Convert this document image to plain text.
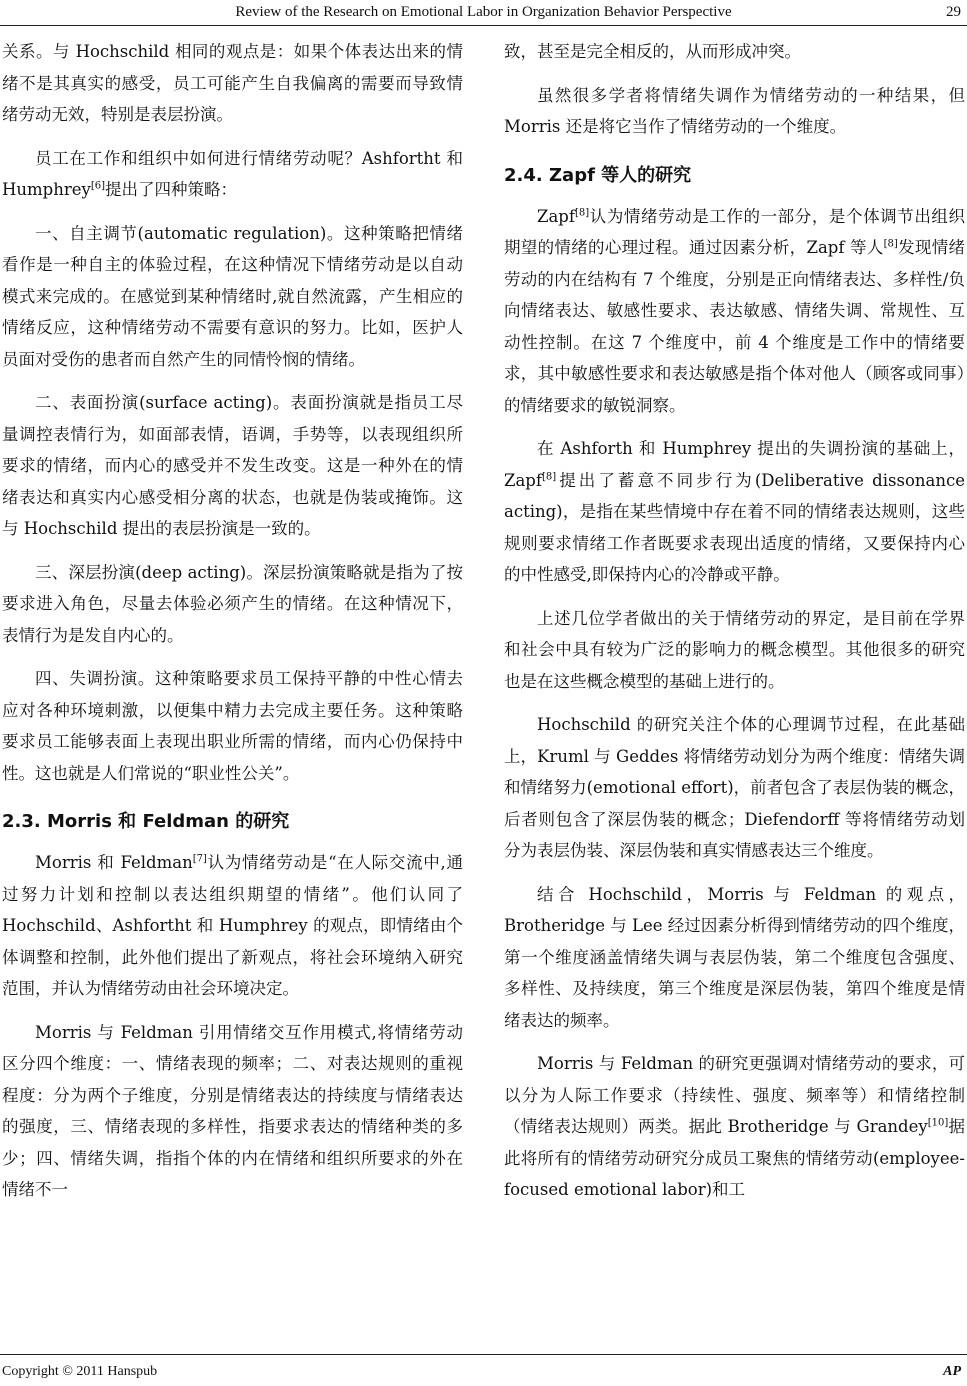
Review of the Research on Emotional Labor in Organization Behavior Perspective	29

关系。与 Hochschild 相同的观点是：如果个体表达出来的情绪不是其真实的感受，员工可能产生自我偏离的需要而导致情绪劳动无效，特别是表层扮演。

员工在工作和组织中如何进行情绪劳动呢？Ashfortht 和 Humphrey[6]提出了四种策略：

一、自主调节(automatic regulation)。这种策略把情绪看作是一种自主的体验过程，在这种情况下情绪劳动是以自动模式来完成的。在感觉到某种情绪时,就自然流露，产生相应的情绪反应，这种情绪劳动不需要有意识的努力。比如，医护人员面对受伤的患者而自然产生的同情怜悯的情绪。

二、表面扮演(surface acting)。表面扮演就是指员工尽量调控表情行为，如面部表情，语调，手势等，以表现组织所要求的情绪，而内心的感受并不发生改变。这是一种外在的情绪表达和真实内心感受相分离的状态，也就是伪装或掩饰。这与 Hochschild 提出的表层扮演是一致的。

三、深层扮演(deep acting)。深层扮演策略就是指为了按要求进入角色，尽量去体验必须产生的情绪。在这种情况下，表情行为是发自内心的。

四、失调扮演。这种策略要求员工保持平静的中性心情去应对各种环境刺激，以便集中精力去完成主要任务。这种策略要求员工能够表面上表现出职业所需的情绪，而内心仍保持中性。这也就是人们常说的“职业性公关”。

2.3. Morris 和 Feldman 的研究

Morris 和 Feldman[7]认为情绪劳动是“在人际交流中,通过努力计划和控制以表达组织期望的情绪”。他们认同了 Hochschild、Ashfortht 和 Humphrey 的观点，即情绪由个体调整和控制，此外他们提出了新观点，将社会环境纳入研究范围，并认为情绪劳动由社会环境决定。

Morris 与 Feldman 引用情绪交互作用模式,将情绪劳动区分四个维度：一、情绪表现的频率；二、对表达规则的重视程度：分为两个子维度，分别是情绪表达的持续度与情绪表达的强度，三、情绪表现的多样性，指要求表达的情绪种类的多少；四、情绪失调，指指个体的内在情绪和组织所要求的外在情绪不一

致，甚至是完全相反的，从而形成冲突。

虽然很多学者将情绪失调作为情绪劳动的一种结果，但 Morris 还是将它当作了情绪劳动的一个维度。

2.4. Zapf 等人的研究

Zapf[8]认为情绪劳动是工作的一部分，是个体调节出组织期望的情绪的心理过程。通过因素分析，Zapf 等人[8]发现情绪劳动的内在结构有 7 个维度，分别是正向情绪表达、多样性/负向情绪表达、敏感性要求、表达敏感、情绪失调、常规性、互动性控制。在这 7 个维度中，前 4 个维度是工作中的情绪要求，其中敏感性要求和表达敏感是指个体对他人（顾客或同事）的情绪要求的敏锐洞察。

在 Ashforth 和 Humphrey 提出的失调扮演的基础上，Zapf[8]提出了蓄意不同步行为(Deliberative dissonance acting)，是指在某些情境中存在着不同的情绪表达规则，这些规则要求情绪工作者既要求表现出适度的情绪，又要保持内心的中性感受,即保持内心的冷静或平静。

上述几位学者做出的关于情绪劳动的界定，是目前在学界和社会中具有较为广泛的影响力的概念模型。其他很多的研究也是在这些概念模型的基础上进行的。

Hochschild 的研究关注个体的心理调节过程，在此基础上，Kruml 与 Geddes 将情绪劳动划分为两个维度：情绪失调和情绪努力(emotional effort)，前者包含了表层伪装的概念，后者则包含了深层伪装的概念；Diefendorff 等将情绪劳动划分为表层伪装、深层伪装和真实情感表达三个维度。

结合 Hochschild，Morris 与 Feldman 的观点，Brotheridge 与 Lee 经过因素分析得到情绪劳动的四个维度，第一个维度涵盖情绪失调与表层伪装，第二个维度包含强度、多样性、及持续度，第三个维度是深层伪装，第四个维度是情绪表达的频率。

Morris 与 Feldman 的研究更强调对情绪劳动的要求，可以分为人际工作要求（持续性、强度、频率等）和情绪控制（情绪表达规则）两类。据此 Brotheridge 与 Grandey[10]据此将所有的情绪劳动研究分成员工聚焦的情绪劳动(employee-focused emotional labor)和工

Copyright © 2011 Hanspub	AP
